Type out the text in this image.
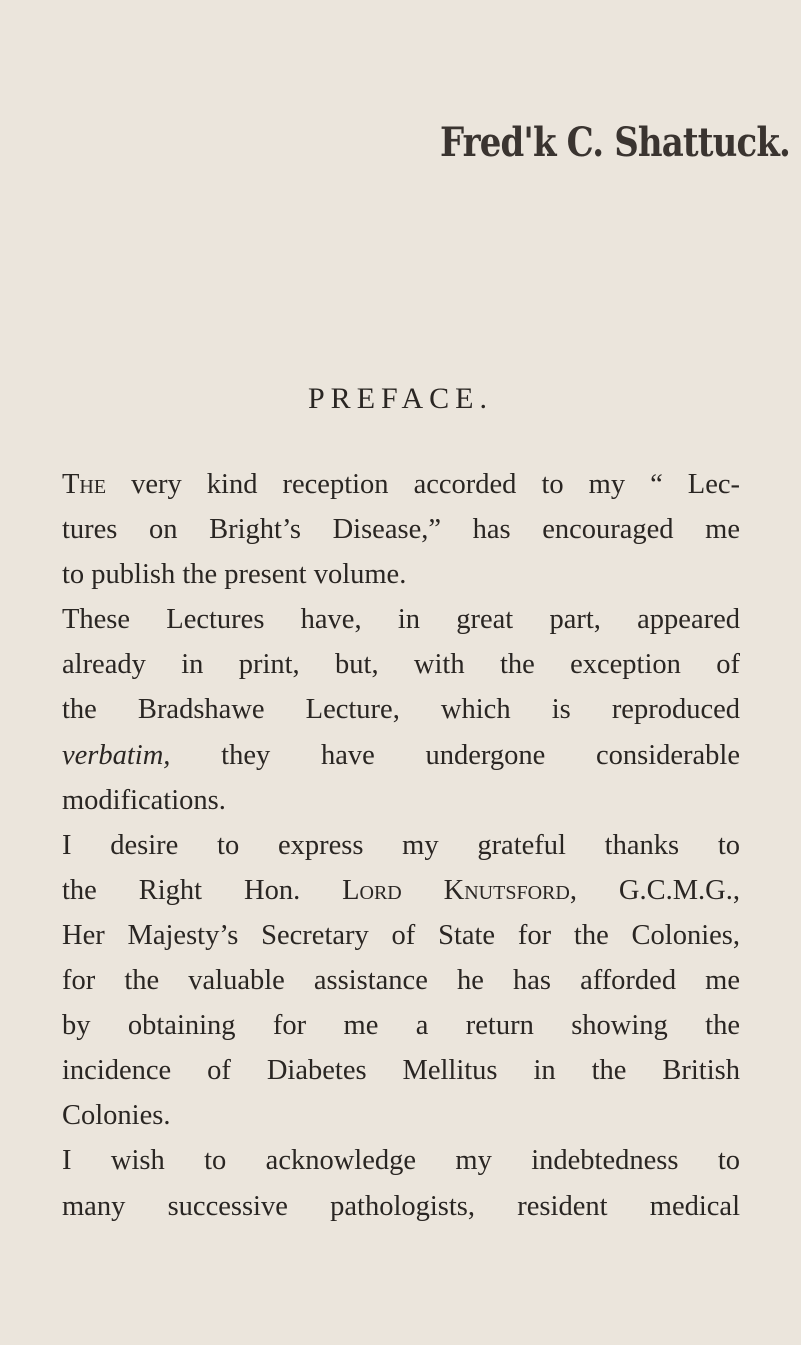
Fred'k C. Shattuck.
PREFACE.
The very kind reception accorded to my “ Lec-
tures on Bright’s Disease,” has encouraged me
to publish the present volume.
These Lectures have, in great part, appeared
already in print, but, with the exception of
the Bradshawe Lecture, which is reproduced
verbatim, they have undergone considerable
modifications.
I desire to express my grateful thanks to
the Right Hon. Lord Knutsford, G.C.M.G.,
Her Majesty’s Secretary of State for the Colonies,
for the valuable assistance he has afforded me
by obtaining for me a return showing the
incidence of Diabetes Mellitus in the British
Colonies.
I wish to acknowledge my indebtedness to
many successive pathologists, resident medical
